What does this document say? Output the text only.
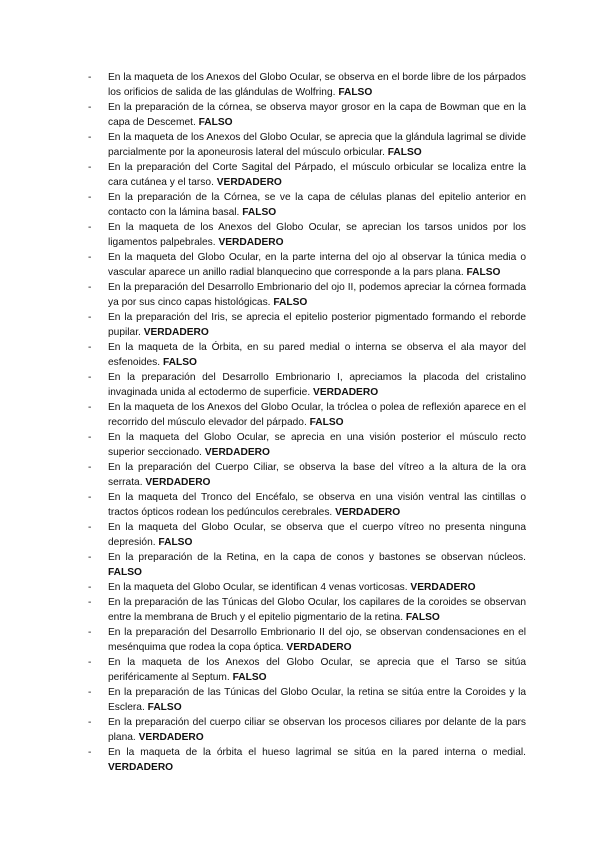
- En la maqueta de los Anexos del Globo Ocular, se observa en el borde libre de los párpados los orificios de salida de las glándulas de Wolfring. FALSO
- En la preparación de la córnea, se observa mayor grosor en la capa de Bowman que en la capa de Descemet. FALSO
- En la maqueta de los Anexos del Globo Ocular, se aprecia que la glándula lagrimal se divide parcialmente por la aponeurosis lateral del músculo orbicular. FALSO
- En la preparación del Corte Sagital del Párpado, el músculo orbicular se localiza entre la cara cutánea y el tarso. VERDADERO
- En la preparación de la Córnea, se ve la capa de células planas del epitelio anterior en contacto con la lámina basal. FALSO
- En la maqueta de los Anexos del Globo Ocular, se aprecian los tarsos unidos por los ligamentos palpebrales. VERDADERO
- En la maqueta del Globo Ocular, en la parte interna del ojo al observar la túnica media o vascular aparece un anillo radial blanquecino que corresponde a la pars plana. FALSO
- En la preparación del Desarrollo Embrionario del ojo II, podemos apreciar la córnea formada ya por sus cinco capas histológicas. FALSO
- En la preparación del Iris, se aprecia el epitelio posterior pigmentado formando el reborde pupilar. VERDADERO
- En la maqueta de la Órbita, en su pared medial o interna se observa el ala mayor del esfenoides. FALSO
- En la preparación del Desarrollo Embrionario I, apreciamos la placoda del cristalino invaginada unida al ectodermo de superficie. VERDADERO
- En la maqueta de los Anexos del Globo Ocular, la tróclea o polea de reflexión aparece en el recorrido del músculo elevador del párpado. FALSO
- En la maqueta del Globo Ocular, se aprecia en una visión posterior el músculo recto superior seccionado. VERDADERO
- En la preparación del Cuerpo Ciliar, se observa la base del vítreo a la altura de la ora serrata. VERDADERO
- En la maqueta del Tronco del Encéfalo, se observa en una visión ventral las cintillas o tractos ópticos rodean los pedúnculos cerebrales. VERDADERO
- En la maqueta del Globo Ocular, se observa que el cuerpo vítreo no presenta ninguna depresión. FALSO
- En la preparación de la Retina, en la capa de conos y bastones se observan núcleos. FALSO
- En la maqueta del Globo Ocular, se identifican 4 venas vorticosas. VERDADERO
- En la preparación de las Túnicas del Globo Ocular, los capilares de la coroides se observan entre la membrana de Bruch y el epitelio pigmentario de la retina. FALSO
- En la preparación del Desarrollo Embrionario II del ojo, se observan condensaciones en el mesénquima que rodea la copa óptica. VERDADERO
- En la maqueta de los Anexos del Globo Ocular, se aprecia que el Tarso se sitúa periféricamente al Septum. FALSO
- En la preparación de las Túnicas del Globo Ocular, la retina se sitúa entre la Coroides y la Esclera. FALSO
- En la preparación del cuerpo ciliar se observan los procesos ciliares por delante de la pars plana. VERDADERO
- En la maqueta de la órbita el hueso lagrimal se sitúa en la pared interna o medial. VERDADERO
